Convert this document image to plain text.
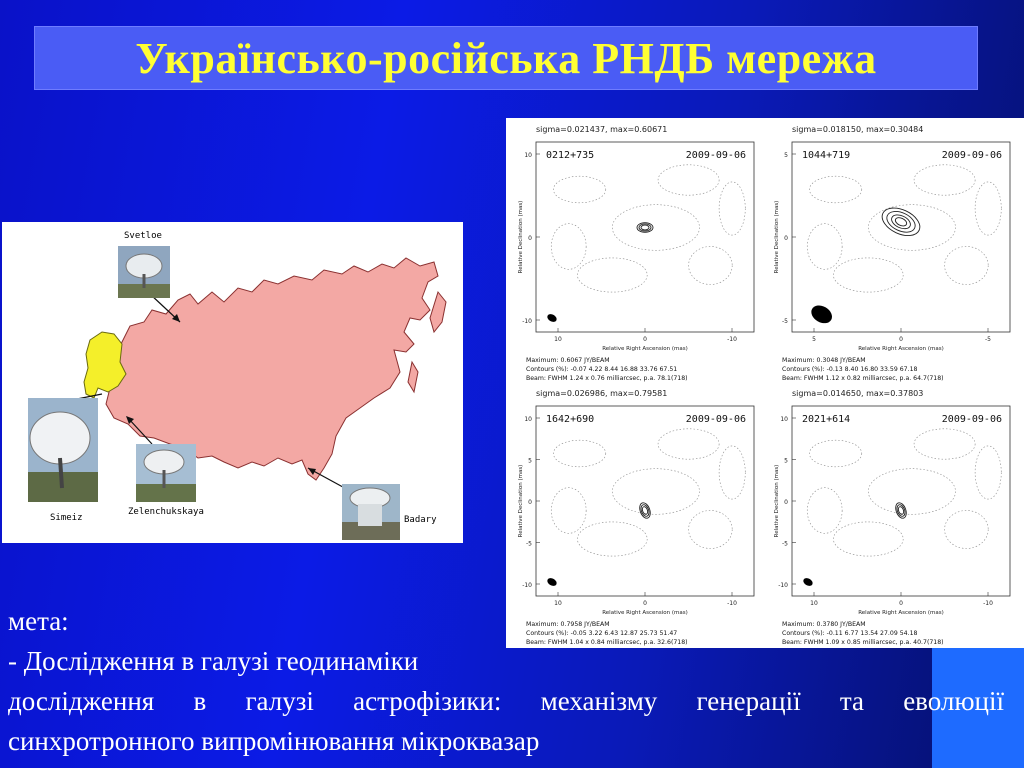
Українсько-російська РНДБ мережа
Svetloe
Simeiz
Zelenchukskaya
Badary
sigma=0.021437, max=0.60671
0212+735	2009-09-06
10
0
-10
10	0	-10
Relative Right Ascension (mas)
Relative Declination (mas)
Maximum: 0.6067 JY/BEAM
Contours (%): -0.07 4.22 8.44 16.88 33.76 67.51
Beam: FWHM 1.24 x 0.76 milliarcsec, p.a. 78.1(718)
sigma=0.018150, max=0.30484
1044+719	2009-09-06
5
0
-5
5	0	-5
Relative Right Ascension (mas)
Relative Declination (mas)
Maximum: 0.3048 JY/BEAM
Contours (%): -0.13 8.40 16.80 33.59 67.18
Beam: FWHM 1.12 x 0.82 milliarcsec, p.a. 64.7(718)
sigma=0.026986, max=0.79581
1642+690	2009-09-06
10
5
0
-5
-10
10	0	-10
Relative Right Ascension (mas)
Relative Declination (mas)
Maximum: 0.7958 JY/BEAM
Contours (%): -0.05 3.22 6.43 12.87 25.73 51.47
Beam: FWHM 1.04 x 0.84 milliarcsec, p.a. 32.6(718)
sigma=0.014650, max=0.37803
2021+614	2009-09-06
10
5
0
-5
-10
10	0	-10
Relative Right Ascension (mas)
Relative Declination (mas)
Maximum: 0.3780 JY/BEAM
Contours (%): -0.11 6.77 13.54 27.09 54.18
Beam: FWHM 1.09 x 0.85 milliarcsec, p.a. 40.7(718)
мета:
- Дослідження в галузі геодинаміки
дослідження в галузі астрофізики: механізму генерації та еволюції
синхротронного випромінювання мікроквазар
